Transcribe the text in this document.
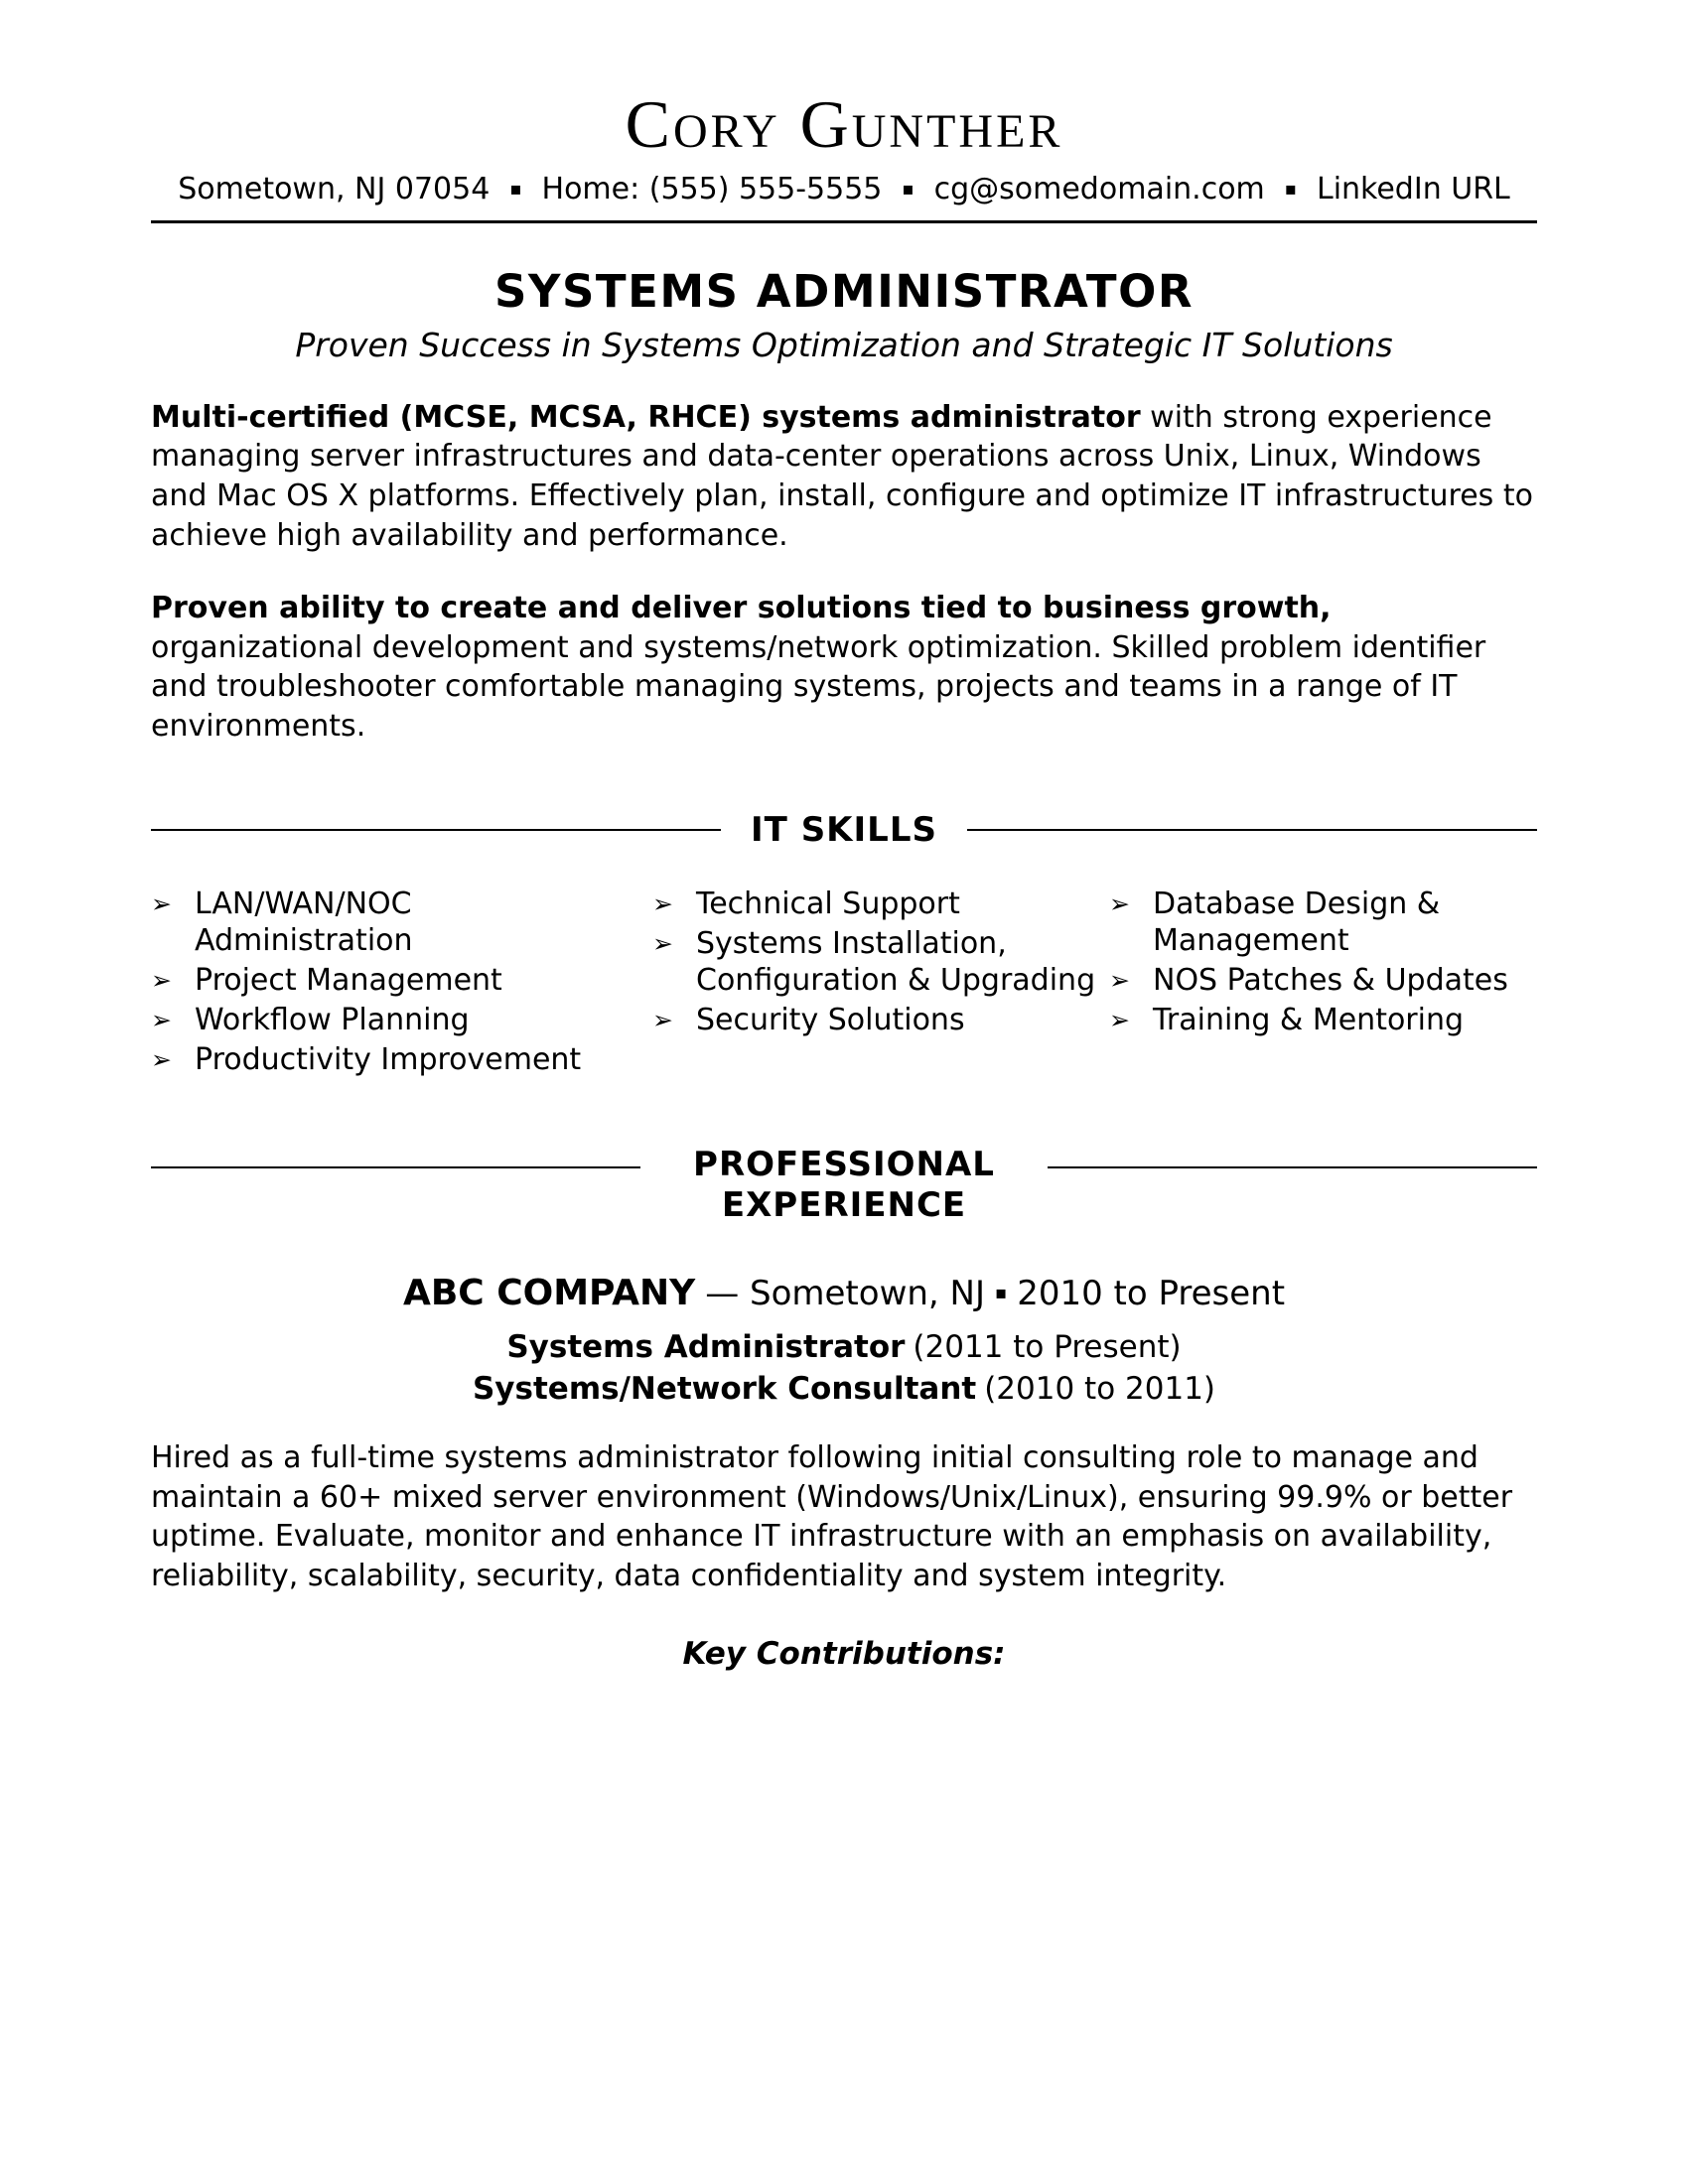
Cory Gunther
Sometown, NJ 07054 ▪ Home: (555) 555-5555 ▪ cg@somedomain.com ▪ LinkedIn URL
SYSTEMS ADMINISTRATOR
Proven Success in Systems Optimization and Strategic IT Solutions

Multi-certified (MCSE, MCSA, RHCE) systems administrator with strong experience managing server infrastructures and data-center operations across Unix, Linux, Windows and Mac OS X platforms. Effectively plan, install, configure and optimize IT infrastructures to achieve high availability and performance.

Proven ability to create and deliver solutions tied to business growth, organizational development and systems/network optimization. Skilled problem identifier and troubleshooter comfortable managing systems, projects and teams in a range of IT environments.

IT SKILLS
➢ LAN/WAN/NOC Administration
➢ Project Management
➢ Workflow Planning
➢ Productivity Improvement
➢ Technical Support
➢ Systems Installation, Configuration & Upgrading
➢ Security Solutions
➢ Database Design & Management
➢ NOS Patches & Updates
➢ Training & Mentoring
PROFESSIONAL EXPERIENCE
ABC COMPANY — Sometown, NJ ▪ 2010 to Present
Systems Administrator (2011 to Present)
Systems/Network Consultant (2010 to 2011)

Hired as a full-time systems administrator following initial consulting role to manage and maintain a 60+ mixed server environment (Windows/Unix/Linux), ensuring 99.9% or better uptime. Evaluate, monitor and enhance IT infrastructure with an emphasis on availability, reliability, scalability, security, data confidentiality and system integrity.

Key Contributions:
